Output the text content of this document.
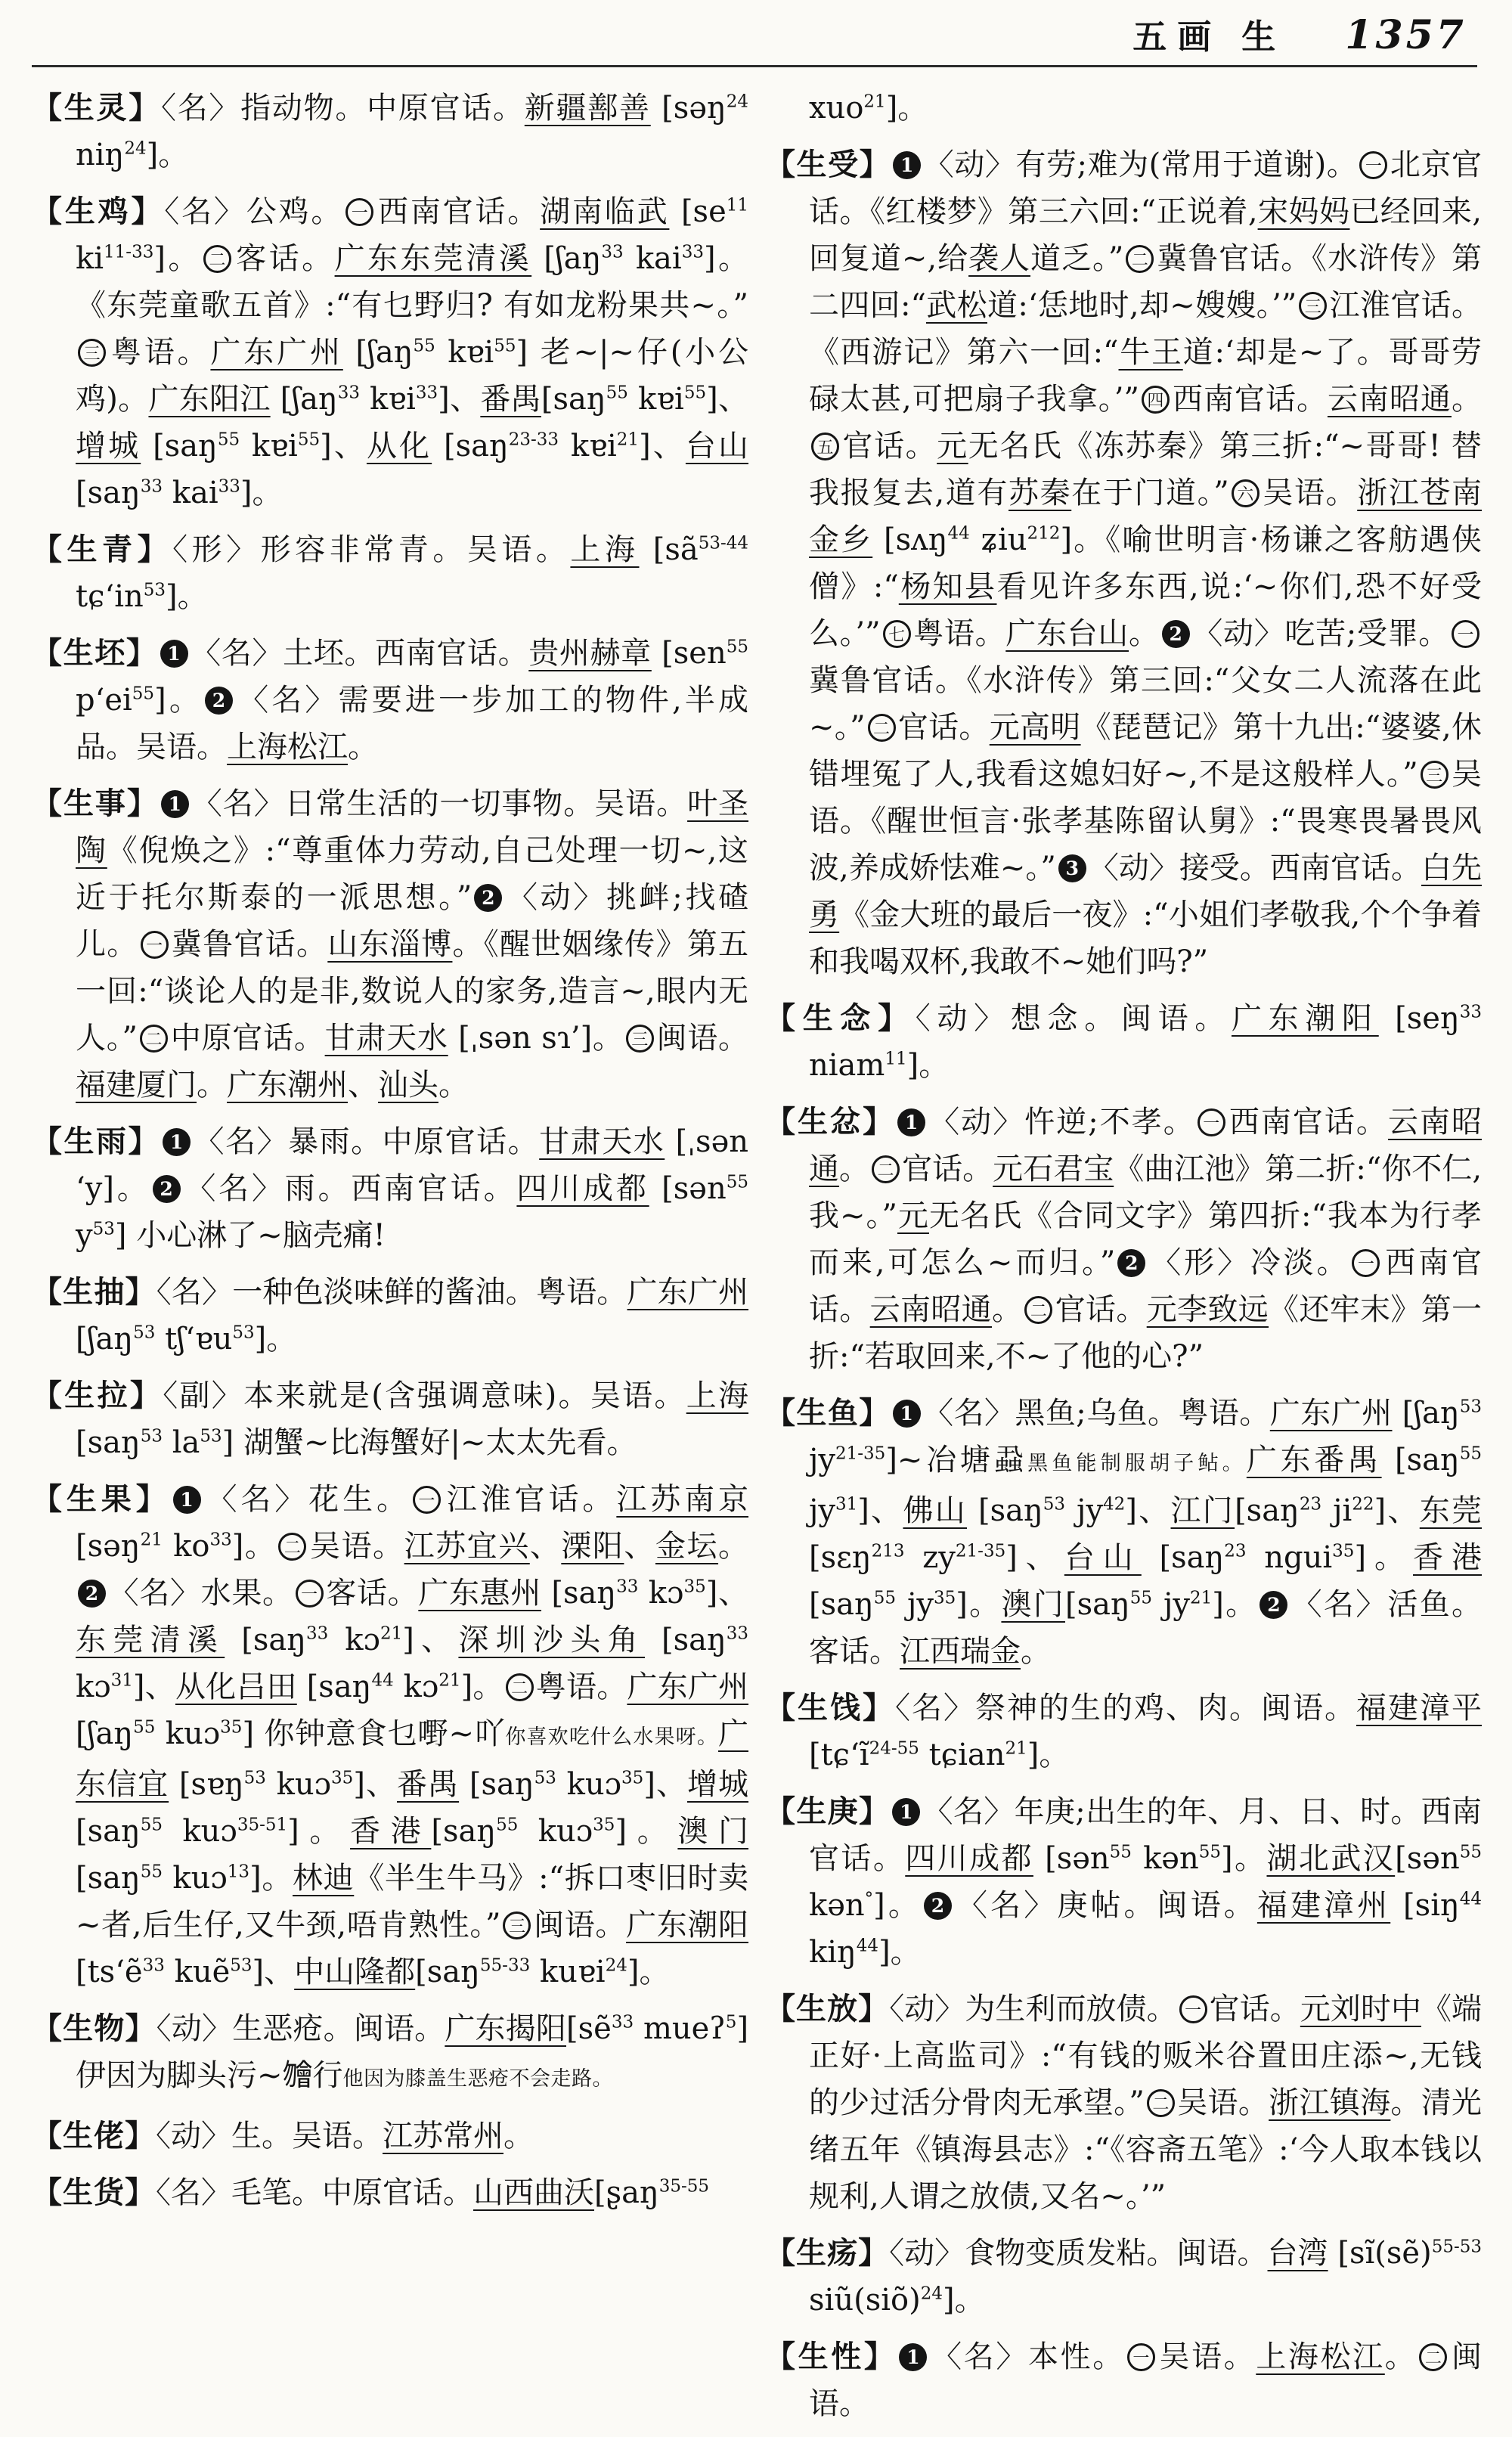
五画 生 1357

【生灵】〈名〉指动物。中原官话。新疆鄯善 [səŋ$^{24}$ niŋ$^{24}$]。

【生鸡】〈名〉公鸡。 一 西南官话。湖南临武 [$se^{11}$ $ki^{11-33}$]。 二 客话。广东东莞清溪 [ʃaŋ$^{33}$ kai$^{33}$]。《东莞童歌五首》:“有乜野归? 有如龙粉果共~。”三 粤语。广东广州 [ʃaŋ$^{55}$ kɐi$^{55}$] 老~|~仔(小公鸡)。广东阳江 [ʃaŋ$^{33}$ kɐi$^{33}$]、番禺[saŋ$^{55}$ kɐi$^{55}$]、增城 [saŋ$^{55}$ kɐi$^{55}$]、从化 [saŋ$^{23-33}$ kɐi$^{21}$]、台山[saŋ$^{33}$ kai$^{33}$]。

【生青】〈形〉形容非常青。吴语。上海 [$sã^{53-44}$ $tɕ‘in^{53}$]。

【生坯】 1 〈名〉土坯。西南官话。贵州赫章 [sen$^{55}$ $p‘ei^{55}$]。 2 〈名〉需要进一步加工的物件,半成品。吴语。上海松江。

【生事】 1 〈名〉日常生活的一切事物。吴语。叶圣陶《倪焕之》:“尊重体力劳动,自己处理一切~,这近于托尔斯泰的一派思想。” 2 〈动〉挑衅;找碴儿。 一 冀鲁官话。山东淄博。《醒世姻缘传》第五一回:“谈论人的是非,数说人的家务,造言~,眼内无人。” 二 中原官话。甘肃天水 [ˌsən sɿ’]。 三 闽语。福建厦门。广东潮州、汕头。

【生雨】 1 〈名〉暴雨。中原官话。甘肃天水 [ˌsən ‘y]。 2 〈名〉雨。西南官话。四川成都 [sən$^{55}$ $y^{53}$] 小心淋了~脑壳痛!

【生抽】〈名〉一种色淡味鲜的酱油。粤语。广东广州 [ʃaŋ$^{53}$ tʃ‘ɐu$^{53}$]。

【生拉】〈副〉本来就是(含强调意味)。吴语。上海 [saŋ$^{53}$ $la^{53}$] 湖蟹~比海蟹好|~太太先看。

【生果】 1 〈名〉花生。 一 江淮官话。江苏南京 [səŋ$^{21}$ $ko^{33}$]。 二 吴语。江苏宜兴、溧阳、金坛。2 〈名〉水果。 一 客话。广东惠州 [saŋ$^{33}$ kɔ$^{35}$]、东莞清溪 [saŋ$^{33}$ kɔ$^{21}$]、深圳沙头角 [saŋ$^{33}$ kɔ$^{31}$]、从化吕田 [saŋ$^{44}$ kɔ$^{21}$]。 二 粤语。广东广州[ʃaŋ$^{55}$ kuɔ$^{35}$] 你钟意食乜嘢~吖你喜欢吃什么水果呀。广东信宜 [sɐŋ$^{53}$ kuɔ$^{35}$]、番禺 [saŋ$^{53}$ kuɔ$^{35}$]、增城 [saŋ$^{55}$ kuɔ$^{35-51}$]。香港[saŋ$^{55}$ kuɔ$^{35}$]。澳门 [saŋ$^{55}$ kuɔ$^{13}$]。林迪《半生牛马》:“拆口枣旧时卖~者,后生仔,又牛颈,唔肯熟性。” 三 闽语。广东潮阳 [ts‘ẽ$^{33}$ kuẽ$^{53}$]、中山隆都[saŋ$^{55-33}$ kuɐi$^{24}$]。

【生物】〈动〉生恶疮。闽语。广东揭阳[sẽ$^{33}$ mueʔ$^5$] 伊因为脚头污~𣍐行他因为膝盖生恶疮不会走路。

【生佬】〈动〉生。吴语。江苏常州。

【生货】〈名〉毛笔。中原官话。山西曲沃[ʂaŋ$^{35-55}$

xuo$^{21}$]。

【生受】 1 〈动〉有劳;难为(常用于道谢)。 一 北京官话。《红楼梦》第三六回:“正说着,宋妈妈已经回来,回复道~,给袭人道乏。” 二 冀鲁官话。《水浒传》第二四回:“武松道:‘恁地时,却~嫂嫂。’” 三 江淮官话。《西游记》第六一回:“牛王道:‘却是~了。哥哥劳碌太甚,可把扇子我拿。’” 四 西南官话。云南昭通。五 官话。元无名氏《冻苏秦》第三折:“~哥哥! 替我报复去,道有苏秦在于门道。” 六 吴语。浙江苍南金乡 [sʌŋ$^{44}$ ʑiu$^{212}$]。《喻世明言·杨谦之客舫遇侠僧》:“杨知县看见许多东西,说:‘~你们,恐不好受么。’” 七 粤语。广东台山。 2 〈动〉吃苦;受罪。 一冀鲁官话。《水浒传》第三回:“父女二人流落在此~。” 二 官话。元高明《琵琶记》第十九出:“婆婆,休错埋冤了人,我看这媳妇好~,不是这般样人。” 三 吴语。《醒世恒言·张孝基陈留认舅》:“畏寒畏暑畏风波,养成娇怯难~。” 3 〈动〉接受。西南官话。白先勇《金大班的最后一夜》:“小姐们孝敬我,个个争着和我喝双杯,我敢不~她们吗?”

【生念】〈动〉想念。闽语。广东潮阳 [seŋ$^{33}$ niam$^{11}$]。

【生忿】 1 〈动〉忤逆;不孝。 一 西南官话。云南昭通。 二 官话。元石君宝《曲江池》第二折:“你不仁,我~。”元无名氏《合同文字》第四折:“我本为行孝而来,可怎么~而归。” 2 〈形〉冷淡。 一 西南官话。云南昭通。 二 官话。元李致远《还牢末》第一折:“若取回来,不~了他的心?”

【生鱼】 1 〈名〉黑鱼;乌鱼。粤语。广东广州 [ʃaŋ$^{53}$ $jy^{21-35}]\sim$冶塘蝨黑鱼能制服胡子鲇。广东番禺 [saŋ$^{55}$ $jy^{31}$]、佛山 [saŋ$^{53}$ $jy^{42}$]、江门[saŋ$^{23}$ $ji^{22}$]、东莞 [sɛŋ$^{213}$ $zy^{21-35}$]、台山 [saŋ$^{23}$ ngui$^{35}$]。香港[saŋ$^{55}$ $jy^{35}$]。澳门[saŋ$^{55}$ $jy^{21}$]。 2 〈名〉活鱼。客话。江西瑞金。

【生饯】〈名〉祭神的生的鸡、肉。闽语。福建漳平 [$tɕ‘ĩ^{24-55}$ tɕian$^{21}$]。

【生庚】 1 〈名〉年庚;出生的年、月、日、时。西南官话。四川成都 [sən$^{55}$ kən$^{55}$]。湖北武汉[sən$^{55}$ kən°]。 2 〈名〉庚帖。闽语。福建漳州 [siŋ$^{44}$ kiŋ$^{44}$]。

【生放】〈动〉为生利而放债。 一 官话。元刘时中《端正好·上高监司》:“有钱的贩米谷置田庄添~,无钱的少过活分骨肉无承望。” 二 吴语。浙江镇海。清光绪五年《镇海县志》:“《容斋五笔》:‘今人取本钱以规利,人谓之放债,又名~。’”

【生疡】〈动〉食物变质发粘。闽语。台湾 [sĩ(sẽ)$^{55-53}$ siũ(siõ)$^{24}$]。

【生性】 1 〈名〉本性。 一 吴语。上海松江。 二 闽语。
